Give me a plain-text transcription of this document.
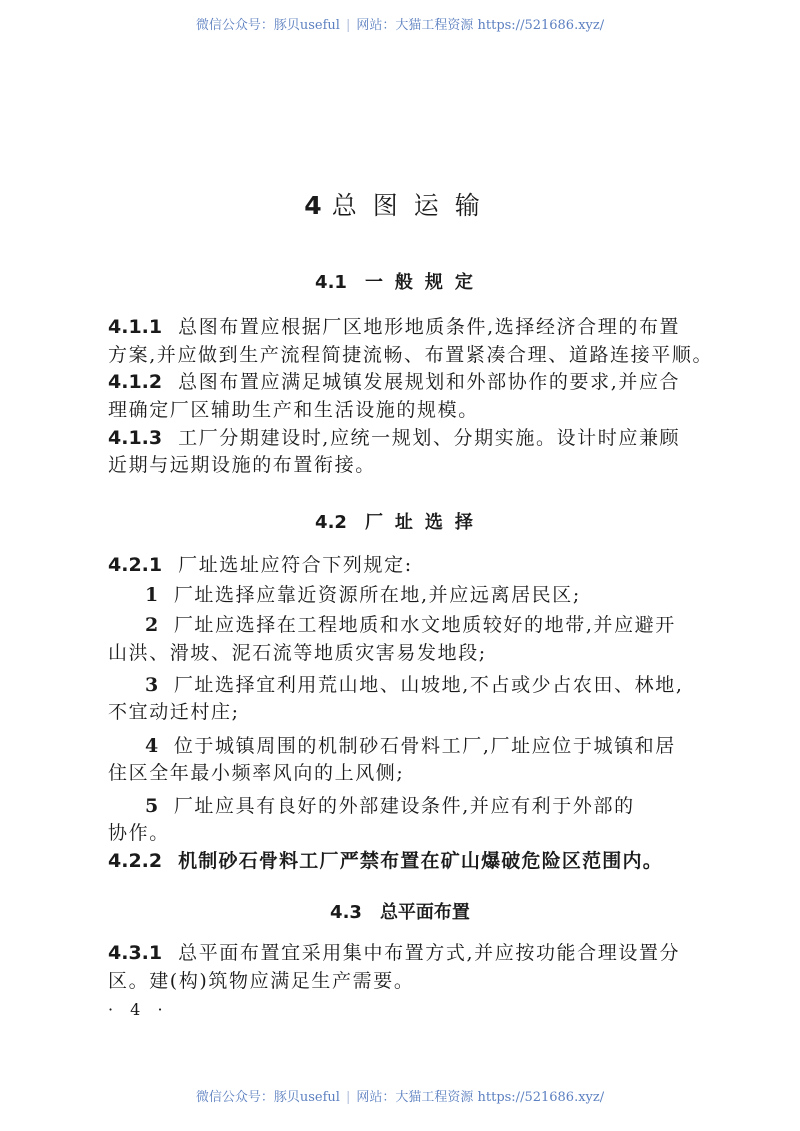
微信公众号：豚贝useful | 网站：大猫工程资源 https://521686.xyz/
4 总图运输
4.1 一般规定
4.1.1 总图布置应根据厂区地形地质条件,选择经济合理的布置
方案,并应做到生产流程简捷流畅、布置紧凑合理、道路连接平顺。
4.1.2 总图布置应满足城镇发展规划和外部协作的要求,并应合
理确定厂区辅助生产和生活设施的规模。
4.1.3 工厂分期建设时,应统一规划、分期实施。设计时应兼顾
近期与远期设施的布置衔接。
4.2 厂址选择
4.2.1 厂址选址应符合下列规定:
1 厂址选择应靠近资源所在地,并应远离居民区;
2 厂址应选择在工程地质和水文地质较好的地带,并应避开
山洪、滑坡、泥石流等地质灾害易发地段;
3 厂址选择宜利用荒山地、山坡地,不占或少占农田、林地,
不宜动迁村庄;
4 位于城镇周围的机制砂石骨料工厂,厂址应位于城镇和居
住区全年最小频率风向的上风侧;
5 厂址应具有良好的外部建设条件,并应有利于外部的
协作。
4.2.2 机制砂石骨料工厂严禁布置在矿山爆破危险区范围内。
4.3 总平面布置
4.3.1 总平面布置宜采用集中布置方式,并应按功能合理设置分
区。建(构)筑物应满足生产需要。
· 4 ·
微信公众号：豚贝useful | 网站：大猫工程资源 https://521686.xyz/
